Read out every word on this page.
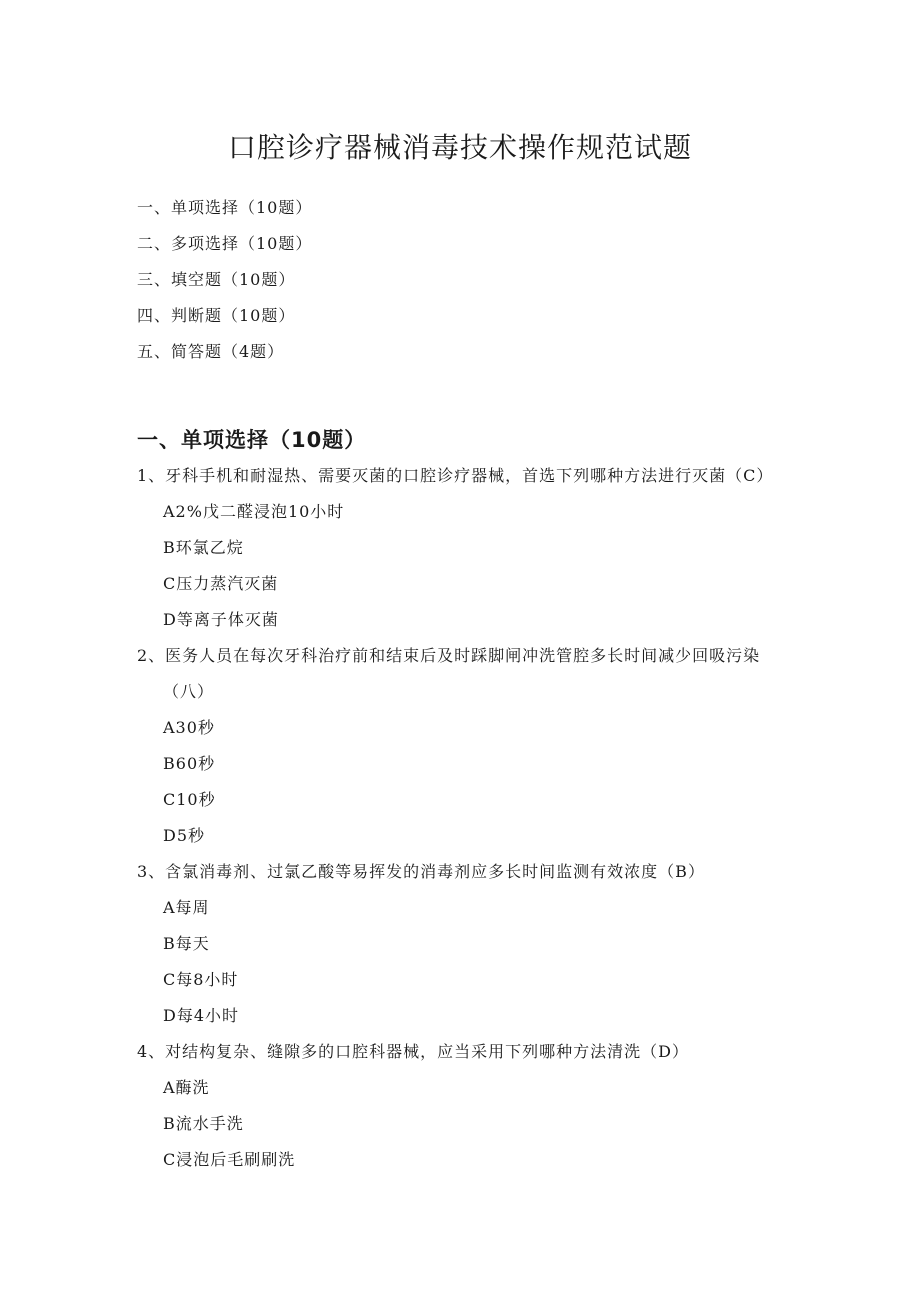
口腔诊疗器械消毒技术操作规范试题
一、单项选择（10题）
二、多项选择（10题）
三、填空题（10题）
四、判断题（10题）
五、简答题（4题）
一、单项选择（10题）
1、牙科手机和耐湿热、需要灭菌的口腔诊疗器械，首选下列哪种方法进行灭菌（C）
A2%戊二醛浸泡10小时
B环氯乙烷
C压力蒸汽灭菌
D等离子体灭菌
2、医务人员在每次牙科治疗前和结束后及时踩脚闸冲洗管腔多长时间减少回吸污染
（八）
A30秒
B60秒
C10秒
D5秒
3、含氯消毒剂、过氯乙酸等易挥发的消毒剂应多长时间监测有效浓度（B）
A每周
B每天
C每8小时
D每4小时
4、对结构复杂、缝隙多的口腔科器械，应当采用下列哪种方法清洗（D）
A酶洗
B流水手洗
C浸泡后毛刷刷洗
